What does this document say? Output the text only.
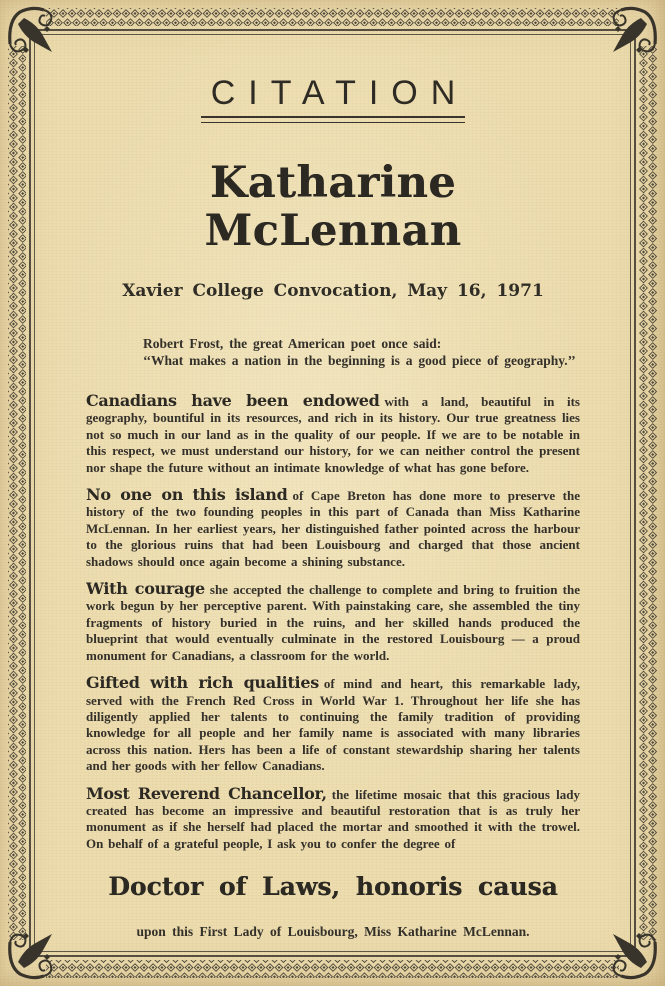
CITATION
Katharine McLennan
Xavier College Convocation, May 16, 1971

Robert Frost, the great American poet once said:

‘‘What makes a nation in the beginning is a good piece of geography.’’

Canadians have been endowed with a land, beautiful in its geography, bountiful in its resources, and rich in its history. Our true greatness lies not so much in our land as in the quality of our people. If we are to be notable in this respect, we must understand our history, for we can neither control the present nor shape the future without an intimate knowledge of what has gone before.

No one on this island of Cape Breton has done more to preserve the history of the two founding peoples in this part of Canada than Miss Katharine McLennan. In her earliest years, her distinguished father pointed across the harbour to the glorious ruins that had been Louisbourg and charged that those ancient shadows should once again become a shining substance.

With courage she accepted the challenge to complete and bring to fruition the work begun by her perceptive parent. With painstaking care, she assembled the tiny fragments of history buried in the ruins, and her skilled hands produced the blueprint that would eventually culminate in the restored Louisbourg — a proud monument for Canadians, a classroom for the world.

Gifted with rich qualities of mind and heart, this remarkable lady, served with the French Red Cross in World War 1. Throughout her life she has diligently applied her talents to continuing the family tradition of providing knowledge for all people and her family name is associated with many libraries across this nation. Hers has been a life of constant stewardship sharing her talents and her goods with her fellow Canadians.

Most Reverend Chancellor, the lifetime mosaic that this gracious lady created has become an impressive and beautiful restoration that is as truly her monument as if she herself had placed the mortar and smoothed it with the trowel. On behalf of a grateful people, I ask you to confer the degree of

Doctor of Laws, honoris causa
upon this First Lady of Louisbourg, Miss Katharine McLennan.
